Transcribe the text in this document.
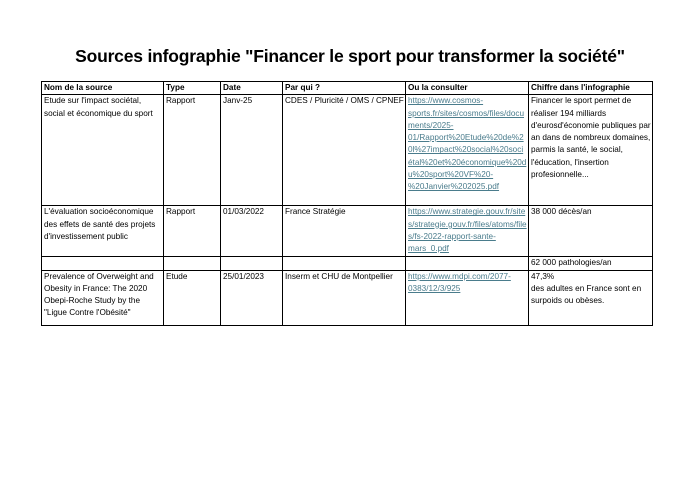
Sources infographie "Financer le sport pour transformer la société"
Nom de la source	Type	Date	Par qui ?	Ou la consulter	Chiffre dans l'infographie
Etude sur l'impact sociétal, social et économique du sport	Rapport	Janv-25	CDES / Pluricité / OMS / CPNEF	https://www.cosmos-sports.fr/sites/cosmos/files/documents/2025-01/Rapport%20Etude%20de%20l%27impact%20social%20sociétal%20et%20économique%20du%20sport%20VF%20-%20Janvier%202025.pdf	Financer le sport permet de réaliser 194 milliards d'eurosd'économie publiques par an dans de nombreux domaines, parmis la santé, le social, l'éducation, l'insertion profesionnelle...
L'évaluation socioéconomique des effets de santé des projets d'investissement public	Rapport	01/03/2022	France Stratégie	https://www.strategie.gouv.fr/sites/strategie.gouv.fr/files/atoms/files/fs-2022-rapport-sante-mars_0.pdf	38 000 décès/an
					62 000 pathologies/an
Prevalence of Overweight and Obesity in France: The 2020 Obepi-Roche Study by the "Ligue Contre l'Obésité"	Etude	25/01/2023	Inserm et CHU de Montpellier	https://www.mdpi.com/2077-0383/12/3/925	47,3%
des adultes en France sont en surpoids ou obèses.
